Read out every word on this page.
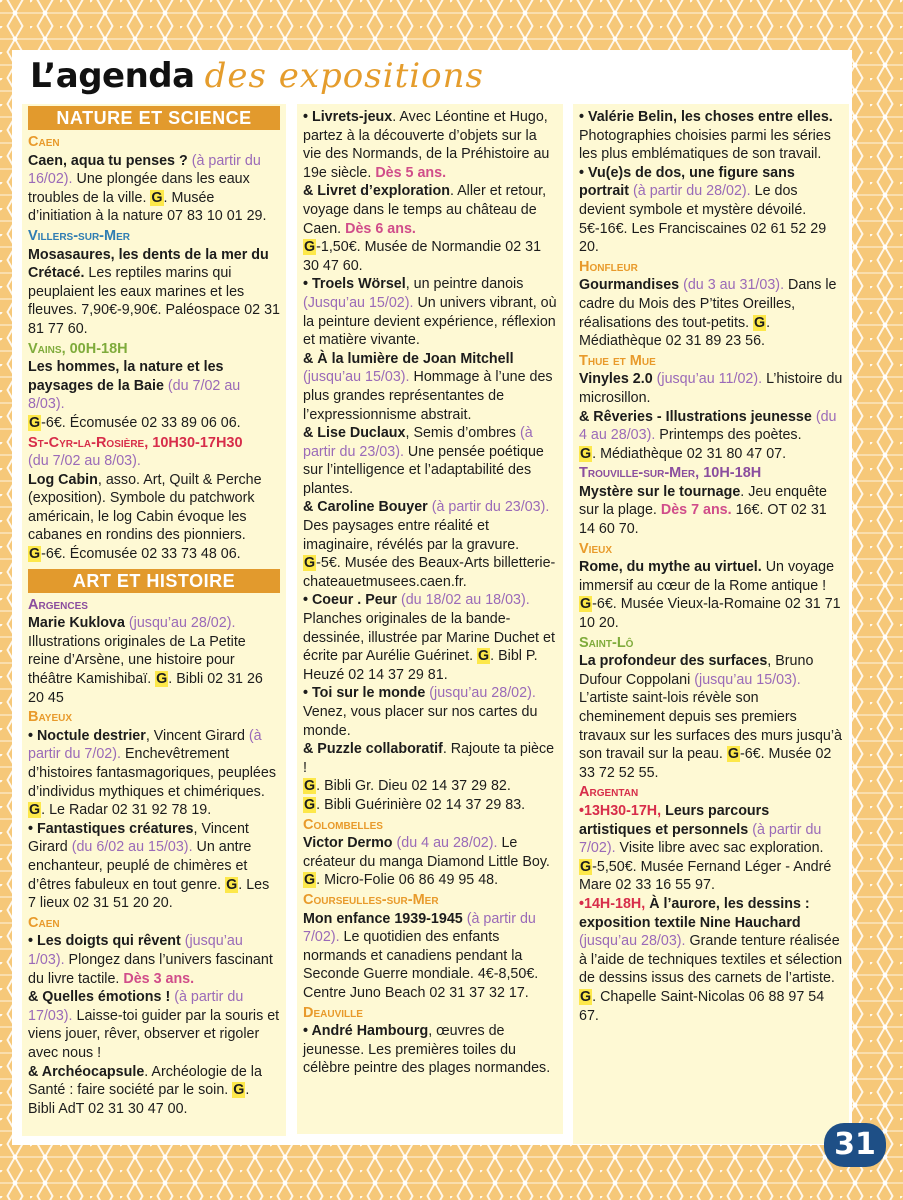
L’agenda des expositions
NATURE ET SCIENCE
Caen

Caen, aqua tu penses ? (à partir du 16/02). Une plongée dans les eaux troubles de la ville. G. Musée d’initiation à la nature 07 83 10 01 29.

Villers-sur-Mer

Mosasaures, les dents de la mer du Crétacé. Les reptiles marins qui peuplaient les eaux marines et les fleuves. 7,90€-9,90€. Paléospace 02 31 81 77 60.

Vains, 00H-18H

Les hommes, la nature et les paysages de la Baie (du 7/02 au 8/03).
G-6€. Écomusée 02 33 89 06 06.

St-Cyr-la-Rosière, 10H30-17H30

(du 7/02 au 8/03).
Log Cabin, asso. Art, Quilt & Perche (exposition). Symbole du patchwork américain, le log Cabin évoque les cabanes en rondins des pionniers.
G-6€. Écomusée 02 33 73 48 06.

ART ET HISTOIRE
Argences

Marie Kuklova (jusqu’au 28/02). Illustrations originales de La Petite reine d’Arsène, une histoire pour théâtre Kamishibaï. G. Bibli 02 31 26 20 45

Bayeux

• Noctule destrier, Vincent Girard (à partir du 7/02). Enchevêtrement d’histoires fantasmagoriques, peuplées d’individus mythiques et chimériques. G. Le Radar 02 31 92 78 19.

• Fantastiques créatures, Vincent Girard (du 6/02 au 15/03). Un antre enchanteur, peuplé de chimères et d’êtres fabuleux en tout genre. G. Les 7 lieux 02 31 51 20 20.

Caen

• Les doigts qui rêvent (jusqu’au 1/03). Plongez dans l’univers fascinant du livre tactile. Dès 3 ans.

& Quelles émotions ! (à partir du 17/03). Laisse-toi guider par la souris et viens jouer, rêver, observer et rigoler avec nous !

& Archéocapsule. Archéologie de la Santé : faire société par le soin. G. Bibli AdT 02 31 30 47 00.

• Livrets-jeux. Avec Léontine et Hugo, partez à la découverte d’objets sur la vie des Normands, de la Préhistoire au 19e siècle. Dès 5 ans.

& Livret d’exploration. Aller et retour, voyage dans le temps au château de Caen. Dès 6 ans.
G-1,50€. Musée de Normandie 02 31 30 47 60.

• Troels Wörsel, un peintre danois (Jusqu’au 15/02). Un univers vibrant, où la peinture devient expérience, réflexion et matière vivante.

& À la lumière de Joan Mitchell (jusqu’au 15/03). Hommage à l’une des plus grandes représentantes de l’expressionnisme abstrait.

& Lise Duclaux, Semis d’ombres (à partir du 23/03). Une pensée poétique sur l’intelligence et l’adaptabilité des plantes.

& Caroline Bouyer (à partir du 23/03). Des paysages entre réalité et imaginaire, révélés par la gravure.
G-5€. Musée des Beaux-Arts billetterie-chateauetmusees.caen.fr.

• Coeur . Peur (du 18/02 au 18/03). Planches originales de la bande-dessinée, illustrée par Marine Duchet et écrite par Aurélie Guérinet. G. Bibl P. Heuzé 02 14 37 29 81.

• Toi sur le monde (jusqu’au 28/02). Venez, vous placer sur nos cartes du monde.

& Puzzle collaboratif. Rajoute ta pièce !
G. Bibli Gr. Dieu 02 14 37 29 82.
G. Bibli Guérinière 02 14 37 29 83.

Colombelles

Victor Dermo (du 4 au 28/02). Le créateur du manga Diamond Little Boy. G. Micro-Folie 06 86 49 95 48.

Courseulles-sur-Mer

Mon enfance 1939-1945 (à partir du 7/02). Le quotidien des enfants normands et canadiens pendant la Seconde Guerre mondiale. 4€-8,50€. Centre Juno Beach 02 31 37 32 17.

Deauville

• André Hambourg, œuvres de jeunesse. Les premières toiles du célèbre peintre des plages normandes.

• Valérie Belin, les choses entre elles. Photographies choisies parmi les séries les plus emblématiques de son travail.

• Vu(e)s de dos, une figure sans portrait (à partir du 28/02). Le dos devient symbole et mystère dévoilé. 5€-16€. Les Franciscaines 02 61 52 29 20.

Honfleur

Gourmandises (du 3 au 31/03). Dans le cadre du Mois des P’tites Oreilles, réalisations des tout-petits. G. Médiathèque 02 31 89 23 56.

Thue et Mue

Vinyles 2.0 (jusqu’au 11/02). L’histoire du microsillon.

& Rêveries - Illustrations jeunesse (du 4 au 28/03). Printemps des poètes.
G. Médiathèque 02 31 80 47 07.

Trouville-sur-Mer, 10H-18H

Mystère sur le tournage. Jeu enquête sur la plage. Dès 7 ans. 16€. OT 02 31 14 60 70.

Vieux

Rome, du mythe au virtuel. Un voyage immersif au cœur de la Rome antique ! G-6€. Musée Vieux-la-Romaine 02 31 71 10 20.

Saint-Lô

La profondeur des surfaces, Bruno Dufour Coppolani (jusqu’au 15/03). L’artiste saint-lois révèle son cheminement depuis ses premiers travaux sur les surfaces des murs jusqu’à son travail sur la peau. G-6€. Musée 02 33 72 52 55.

Argentan

•13H30-17H, Leurs parcours artistiques et personnels (à partir du 7/02). Visite libre avec sac exploration. G-5,50€. Musée Fernand Léger - André Mare 02 33 16 55 97.

•14H-18H, À l’aurore, les dessins : exposition textile Nine Hauchard (jusqu’au 28/03). Grande tenture réalisée à l’aide de techniques textiles et sélection de dessins issus des carnets de l’artiste. G. Chapelle Saint-Nicolas 06 88 97 54 67.

31
